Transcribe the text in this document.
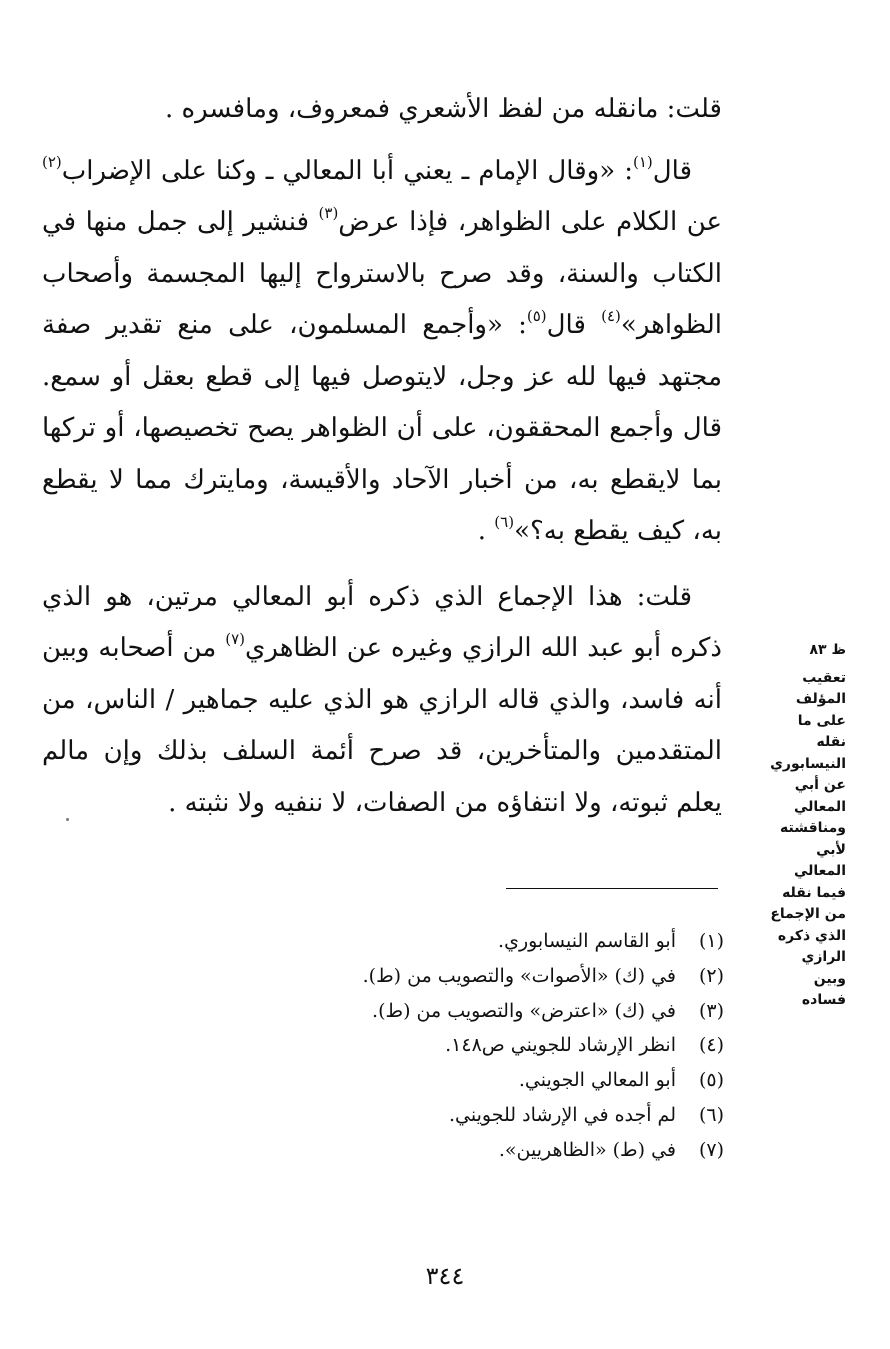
قلت: مانقله من لفظ الأشعري فمعروف، ومافسره .

قال$^{(١)}$: «وقال الإمام ـ يعني أبا المعالي ـ وكنا على الإضراب$^{(٢)}$ عن الكلام على الظواهر، فإذا عرض$^{(٣)}$ فنشير إلى جمل منها في الكتاب والسنة، وقد صرح بالاسترواح إليها المجسمة وأصحاب الظواهر»$^{(٤)}$ قال$^{(٥)}$: «وأجمع المسلمون، على منع تقدير صفة مجتهد فيها لله عز وجل، لايتوصل فيها إلى قطع بعقل أو سمع. قال وأجمع المحققون، على أن الظواهر يصح تخصيصها، أو تركها بما لايقطع به، من أخبار الآحاد والأقيسة، ومايترك مما لا يقطع به، كيف يقطع به؟»$^{(٦)}$ .

قلت: هذا الإجماع الذي ذكره أبو المعالي مرتين، هو الذي ذكره أبو عبد الله الرازي وغيره عن الظاهري$^{(٧)}$ من أصحابه وبين أنه فاسد، والذي قاله الرازي هو الذي عليه جماهير / الناس، من المتقدمين والمتأخرين، قد صرح أئمة السلف بذلك وإن مالم يعلم ثبوته، ولا انتفاؤه من الصفات، لا ننفيه ولا نثبته .

ظ ٨٣
تعقيب المؤلف على ما نقله النيسابوري عن أبي المعالي ومناقشته لأبي المعالي فيما نقله من الإجماع الذي ذكره الرازي وبين فساده
(١)
أبو القاسم النيسابوري.
(٢)
في (ك) «الأصوات» والتصويب من (ط).
(٣)
في (ك) «اعترض» والتصويب من (ط).
(٤)
انظر الإرشاد للجويني ص١٤٨.
(٥)
أبو المعالي الجويني.
(٦)
لم أجده في الإرشاد للجويني.
(٧)
في (ط) «الظاهريين».
٣٤٤
